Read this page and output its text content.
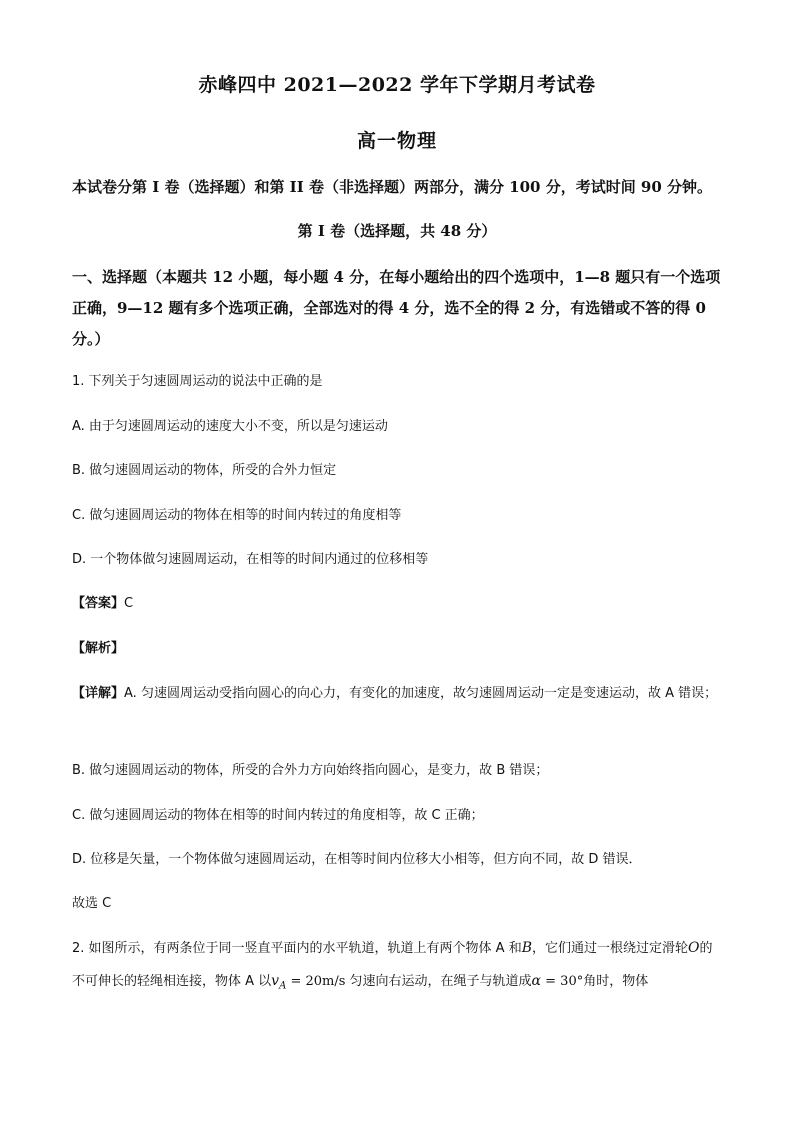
赤峰四中 2021—2022 学年下学期月考试卷
高一物理
本试卷分第 I 卷（选择题）和第 II 卷（非选择题）两部分，满分 100 分，考试时间 90 分钟。
第 I 卷（选择题，共 48 分）
一、选择题（本题共 12 小题，每小题 4 分，在每小题给出的四个选项中，1—8 题只有一个选项正确，9—12 题有多个选项正确，全部选对的得 4 分，选不全的得 2 分，有选错或不答的得 0 分。）
1. 下列关于匀速圆周运动的说法中正确的是
A. 由于匀速圆周运动的速度大小不变，所以是匀速运动
B. 做匀速圆周运动的物体，所受的合外力恒定
C. 做匀速圆周运动的物体在相等的时间内转过的角度相等
D. 一个物体做匀速圆周运动，在相等的时间内通过的位移相等
【答案】C
【解析】
【详解】A. 匀速圆周运动受指向圆心的向心力，有变化的加速度，故匀速圆周运动一定是变速运动，故 A 错误；
B. 做匀速圆周运动的物体，所受的合外力方向始终指向圆心，是变力，故 B 错误；
C. 做匀速圆周运动的物体在相等的时间内转过的角度相等，故 C 正确；
D. 位移是矢量，一个物体做匀速圆周运动，在相等时间内位移大小相等，但方向不同，故 D 错误．
故选 C
2. 如图所示，有两条位于同一竖直平面内的水平轨道，轨道上有两个物体 A 和B，它们通过一根绕过定滑轮O的不可伸长的轻绳相连接，物体 A 以$v_A = 20m/s$ 匀速向右运动，在绳子与轨道成α = 30°角时，物体
